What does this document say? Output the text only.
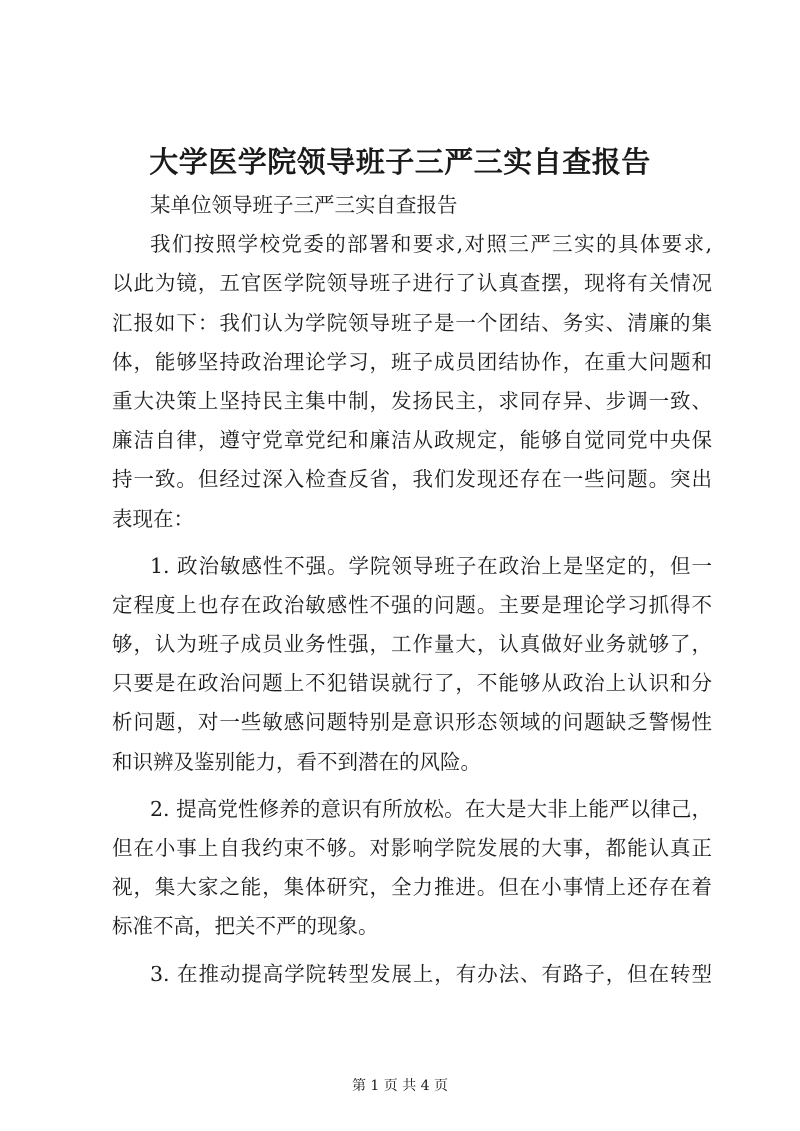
大学医学院领导班子三严三实自查报告
某单位领导班子三严三实自查报告
我们按照学校党委的部署和要求,对照三严三实的具体要求,
以此为镜，五官医学院领导班子进行了认真查摆，现将有关情况
汇报如下：我们认为学院领导班子是一个团结、务实、清廉的集
体，能够坚持政治理论学习，班子成员团结协作，在重大问题和
重大决策上坚持民主集中制，发扬民主，求同存异、步调一致、
廉洁自律，遵守党章党纪和廉洁从政规定，能够自觉同党中央保
持一致。但经过深入检查反省，我们发现还存在一些问题。突出
表现在：
1. 政治敏感性不强。学院领导班子在政治上是坚定的，但一
定程度上也存在政治敏感性不强的问题。主要是理论学习抓得不
够，认为班子成员业务性强，工作量大，认真做好业务就够了，
只要是在政治问题上不犯错误就行了，不能够从政治上认识和分
析问题，对一些敏感问题特别是意识形态领域的问题缺乏警惕性
和识辨及鉴别能力，看不到潜在的风险。
2. 提高党性修养的意识有所放松。在大是大非上能严以律己，
但在小事上自我约束不够。对影响学院发展的大事，都能认真正
视，集大家之能，集体研究，全力推进。但在小事情上还存在着
标准不高，把关不严的现象。
3. 在推动提高学院转型发展上，有办法、有路子，但在转型
第 1 页 共 4 页
